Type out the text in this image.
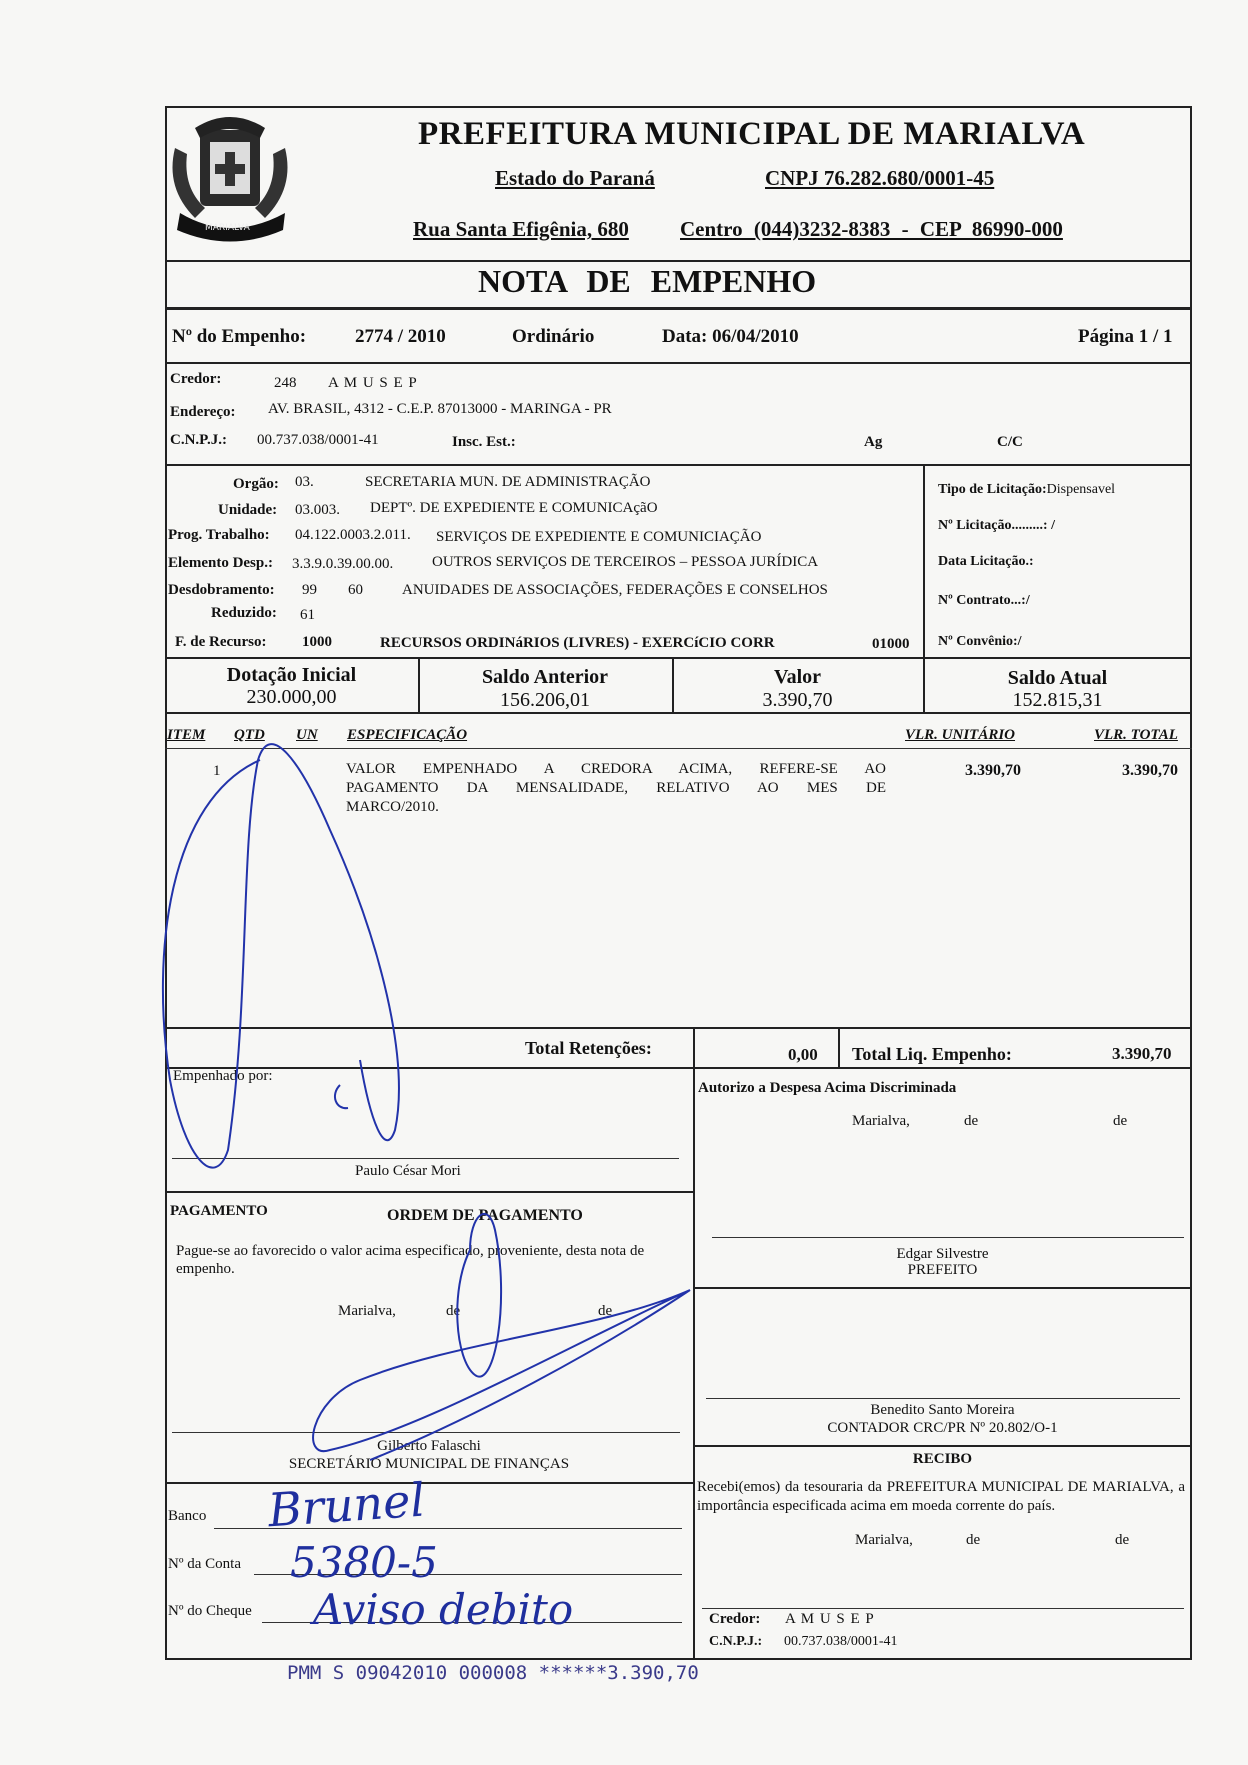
MARIALVA
PREFEITURA MUNICIPAL DE MARIALVA
Estado do Paraná	CNPJ 76.282.680/0001-45
Rua Santa Efigênia, 680 Centro (044)3232-8383 - CEP 86990-000
NOTA DE EMPENHO
Nº do Empenho:	2774 / 2010	Ordinário	Data: 06/04/2010	Página 1 / 1
Credor:	248 A M U S E P
Endereço: AV. BRASIL, 4312 - C.E.P. 87013000 - MARINGA - PR
C.N.P.J.: 00.737.038/0001-41	Insc. Est.:	Ag	C/C
Orgão: 03.	SECRETARIA MUN. DE ADMINISTRAÇÃO
Unidade: 03.003. DEPTº. DE EXPEDIENTE E COMUNICAçãO
Prog. Trabalho: 04.122.0003.2.011. SERVIÇOS DE EXPEDIENTE E COMUNICIAÇÃO
Elemento Desp.: 3.3.9.0.39.00.00.	OUTROS SERVIÇOS DE TERCEIROS – PESSOA JURÍDICA
Desdobramento: 99 60	ANUIDADES DE ASSOCIAÇÕES, FEDERAÇÕES E CONSELHOS
Reduzido: 61
F. de Recurso: 1000	RECURSOS ORDINáRIOS (LIVRES) - EXERCíCIO CORR	01000
Tipo de Licitação:Dispensavel
Nº Licitação.........: /
Data Licitação.:
Nº Contrato...:/
Nº Convênio:/
Dotação Inicial
230.000,00
Saldo Anterior
156.206,01
Valor
3.390,70
Saldo Atual
152.815,31
ITEM QTD UN ESPECIFICAÇÃO	VLR. UNITÁRIO	VLR. TOTAL
1	VALOR EMPENHADO A CREDORA ACIMA, REFERE-SE AO
PAGAMENTO DA MENSALIDADE, RELATIVO AO MES DE
MARCO/2010.
3.390,70	3.390,70
Total Retenções:	0,00 Total Liq. Empenho:	3.390,70
Empenhado por:
Paulo César Mori
Autorizo a Despesa Acima Discriminada
Marialva,	de	de
Edgar Silvestre
PREFEITO
PAGAMENTO	ORDEM DE PAGAMENTO
Pague-se ao favorecido o valor acima especificado, proveniente, desta nota de empenho.
Marialva,	de	de
Gilberto Falaschi
SECRETÁRIO MUNICIPAL DE FINANÇAS
Benedito Santo Moreira
CONTADOR CRC/PR Nº 20.802/O-1
RECIBO
Recebi(emos) da tesouraria da PREFEITURA MUNICIPAL DE MARIALVA, a importância especificada acima em moeda corrente do país.
Marialva,	de	de
Credor: A M U S E P
C.N.P.J.: 00.737.038/0001-41
Banco
Nº da Conta
Nº do Cheque
Brunel
5380-5
Aviso debito
PMM S 09042010 000008 ******3.390,70
